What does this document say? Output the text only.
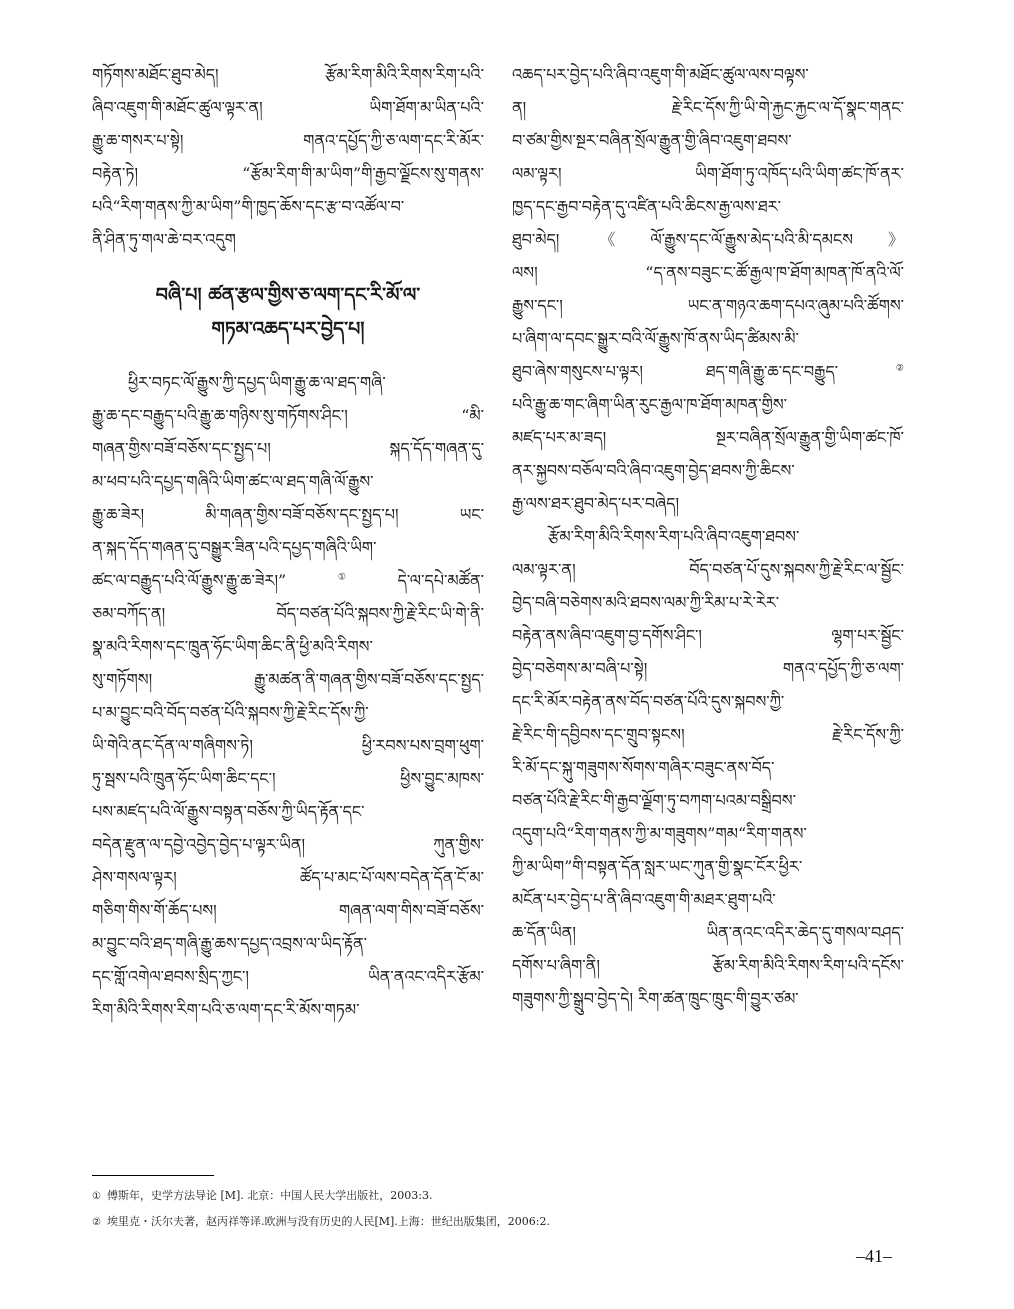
གཏོགས་མཐོང་ཐུབ་མེད། རྩོམ་རིག་མིའི་རིགས་རིག་པའི་
ཞིབ་འཇུག་གི་མཐོང་ཚུལ་ལྟར་ན། ཡིག་ཐོག་མ་ཡིན་པའི་
རྒྱུ་ཆ་གསར་པ་སྟེ། གནའ་དཔྱོད་ཀྱི་ཅ་ལག་དང་རི་མོར་
བརྟེན་ཏེ། “རྩོམ་རིག་གི་མ་ཡིག”གི་རྒྱབ་ལྗོངས་སུ་གནས་
པའི“རིག་གནས་ཀྱི་མ་ཡིག”གི་ཁྱད་ཆོས་དང་རྩ་བ་འཚོལ་བ་
ནི་ཤིན་ཏུ་གལ་ཆེ་བར་འདུག
བཞི་པ། ཚན་རྩལ་གྱིས་ཅ་ལག་དང་རི་མོ་ལ་
གཏམ་འཆད་པར་བྱེད་པ།
ཕྱིར་བཏང་ལོ་རྒྱུས་ཀྱི་དཔྱད་ཡིག་རྒྱུ་ཆ་ལ་ཐད་གཞི་
རྒྱུ་ཆ་དང་བརྒྱུད་པའི་རྒྱུ་ཆ་གཉིས་སུ་གཏོགས་ཤིང་། “མི་
གཞན་གྱིས་བཟོ་བཅོས་དང་སྤྱད་པ། སྐད་དོད་གཞན་དུ་
མ་ཕབ་པའི་དཔྱད་གཞིའི་ཡིག་ཚང་ལ་ཐད་གཞི་ལོ་རྒྱུས་
རྒྱུ་ཆ་ཟེར། མི་གཞན་གྱིས་བཟོ་བཅོས་དང་སྤྱད་པ། ཡང་
ན་སྐད་དོད་གཞན་དུ་བསྒྱུར་ཟིན་པའི་དཔྱད་གཞིའི་ཡིག་
ཚང་ལ་བརྒྱུད་པའི་ལོ་རྒྱུས་རྒྱུ་ཆ་ཟེར།”①དེ་ལ་དཔེ་མཚོན་
ཅམ་བཀོད་ན། བོད་བཙན་པོའི་སྐབས་ཀྱི་རྗེ་རིང་ཡི་གེ་ནི་
སྣ་མའི་རིགས་དང་ཁྲུན་ཧོང་ཡིག་ཆིང་ནི་ཕྱི་མའི་རིགས་
སུ་གཏོགས། རྒྱུ་མཚན་ནི་གཞན་གྱིས་བཟོ་བཅོས་དང་སྤྱད་
པ་མ་བྱུང་བའི་བོད་བཙན་པོའི་སྐབས་ཀྱི་རྗེ་རིང་དོས་ཀྱི་
ཡི་གེའི་ནང་དོན་ལ་གཞིགས་ཏེ། ཕྱི་རབས་པས་བྲག་ཕུག་
ཏུ་སྦས་པའི་ཁྲུན་ཧོང་ཡིག་ཆིང་དང་། ཕྱིས་བྱུང་མཁས་
པས་མཛད་པའི་ལོ་རྒྱུས་བསྟན་བཅོས་ཀྱི་ཡིད་རྟོན་དང་
བདེན་རྫུན་ལ་དབྱེ་འབྱེད་བྱེད་པ་ལྟར་ཡིན། ཀུན་གྱིས་
ཤེས་གསལ་ལྟར། ཚོད་པ་མང་པོ་ལས་བདེན་དོན་ངོ་མ་
གཅིག་གིས་གོ་ཆོད་པས། གཞན་ལག་གིས་བཟོ་བཅོས་
མ་བྱུང་བའི་ཐད་གཞི་རྒྱུ་ཆས་དཔྱད་འབྲས་ལ་ཡིད་རྟོན་
དང་གློ་འགེལ་ཐབས་སྲིད་ཀྱང་། ཡིན་ནའང་འདིར་རྩོམ་
རིག་མིའི་རིགས་རིག་པའི་ཅ་ལག་དང་རི་མོས་གཏམ་
འཆད་པར་བྱེད་པའི་ཞིབ་འཇུག་གི་མཐོང་ཚུལ་ལས་བལྟས་
ན། རྗེ་རིང་དོས་ཀྱི་ཡི་གེ་རྐྱང་རྐྱང་ལ་དོ་སྣང་གནང་
བ་ཙམ་གྱིས་སྔར་བཞིན་སྲོལ་རྒྱུན་གྱི་ཞིབ་འཇུག་ཐབས་
ལམ་ལྟར། ཡིག་ཐོག་ཏུ་འཁོད་པའི་ཡིག་ཚང་ཁོ་ནར་
ཁྱད་དང་རྒྱབ་བརྟེན་དུ་འཛིན་པའི་ཆིངས་རྒྱ་ལས་ཐར་
ཐུབ་མེད། 《ལོ་རྒྱུས་དང་ལོ་རྒྱུས་མེད་པའི་མི་དམངས》
ལས། “ད་ནས་བཟུང་ང་ཚོ་རྒྱལ་ཁ་ཐོག་མཁན་ཁོ་ནའི་ལོ་
རྒྱུས་དང་། ཡང་ན་གཉའ་ཆག་དཔའ་ཞུམ་པའི་ཚོགས་
པ་ཞིག་ལ་དབང་སྒྱུར་བའི་ལོ་རྒྱུས་ཁོ་ནས་ཡིད་ཚིམས་མི་
ཐུབ་ཞེས་གསུངས་པ་ལྟར། ཐད་གཞི་རྒྱུ་ཆ་དང་བརྒྱུད་②
པའི་རྒྱུ་ཆ་གང་ཞིག་ཡིན་རུང་རྒྱལ་ཁ་ཐོག་མཁན་གྱིས་
མཛད་པར་མ་ཟད། སྔར་བཞིན་སྲོལ་རྒྱུན་གྱི་ཡིག་ཚང་ཁོ་
ནར་སྐྱབས་བཅོལ་བའི་ཞིབ་འཇུག་བྱེད་ཐབས་ཀྱི་ཆིངས་
རྒྱ་ལས་ཐར་ཐུབ་མེད་པར་བཞེད།
རྩོམ་རིག་མིའི་རིགས་རིག་པའི་ཞིབ་འཇུག་ཐབས་
ལམ་ལྟར་ན། བོད་བཙན་པོ་དུས་སྐབས་ཀྱི་རྗེ་རིང་ལ་སྦྱོང་
བྱེད་བཞི་བཅེགས་མའི་ཐབས་ལམ་ཀྱི་རིམ་པ་རེ་རེར་
བརྟེན་ནས་ཞིབ་འཇུག་བྱ་དགོས་ཤིང་། ལྷག་པར་སྦྱོང་
བྱེད་བཅེགས་མ་བཞི་པ་སྟེ། གནའ་དཔྱོད་ཀྱི་ཅ་ལག་
དང་རི་མོར་བརྟེན་ནས་བོད་བཙན་པོའི་དུས་སྐབས་ཀྱི་
རྗེ་རིང་གི་དབྱིབས་དང་གྲུབ་སྟངས། རྗེ་རིང་དོས་ཀྱི་
རི་མོ་དང་སྐུ་གཟུགས་སོགས་གཞིར་བཟུང་ནས་བོད་
བཙན་པོའི་རྗེ་རིང་གི་རྒྱབ་ལྗོག་ཏུ་བཀག་པའམ་བསྒྲིབས་
འདུག་པའི“རིག་གནས་ཀྱི་མ་གཟུགས”གམ“རིག་གནས་
ཀྱི་མ་ཡིག”གི་བསྟན་དོན་སླར་ཡང་ཀུན་གྱི་སྣང་ངོར་ཕྱིར་
མངོན་པར་བྱེད་པ་ནི་ཞིབ་འཇུག་གི་མཐར་ཐུག་པའི་
ཆ་དོན་ཡིན། ཡིན་ནའང་འདིར་ཆེད་དུ་གསལ་བཤད་
དགོས་པ་ཞིག་ནི། རྩོམ་རིག་མིའི་རིགས་རིག་པའི་དངོས་
གཟུགས་ཀྱི་སྒྲུབ་བྱེད་དེ། རིག་ཚན་ཁྲུང་ཁྲུང་གི་བྱུར་ཙམ་
① 傅斯年，史学方法导论 [M]. 北京：中国人民大学出版社，2003:3.
② 埃里克・沃尔夫著，赵丙祥等译.欧洲与没有历史的人民[M].上海：世纪出版集团，2006:2.
–41–
